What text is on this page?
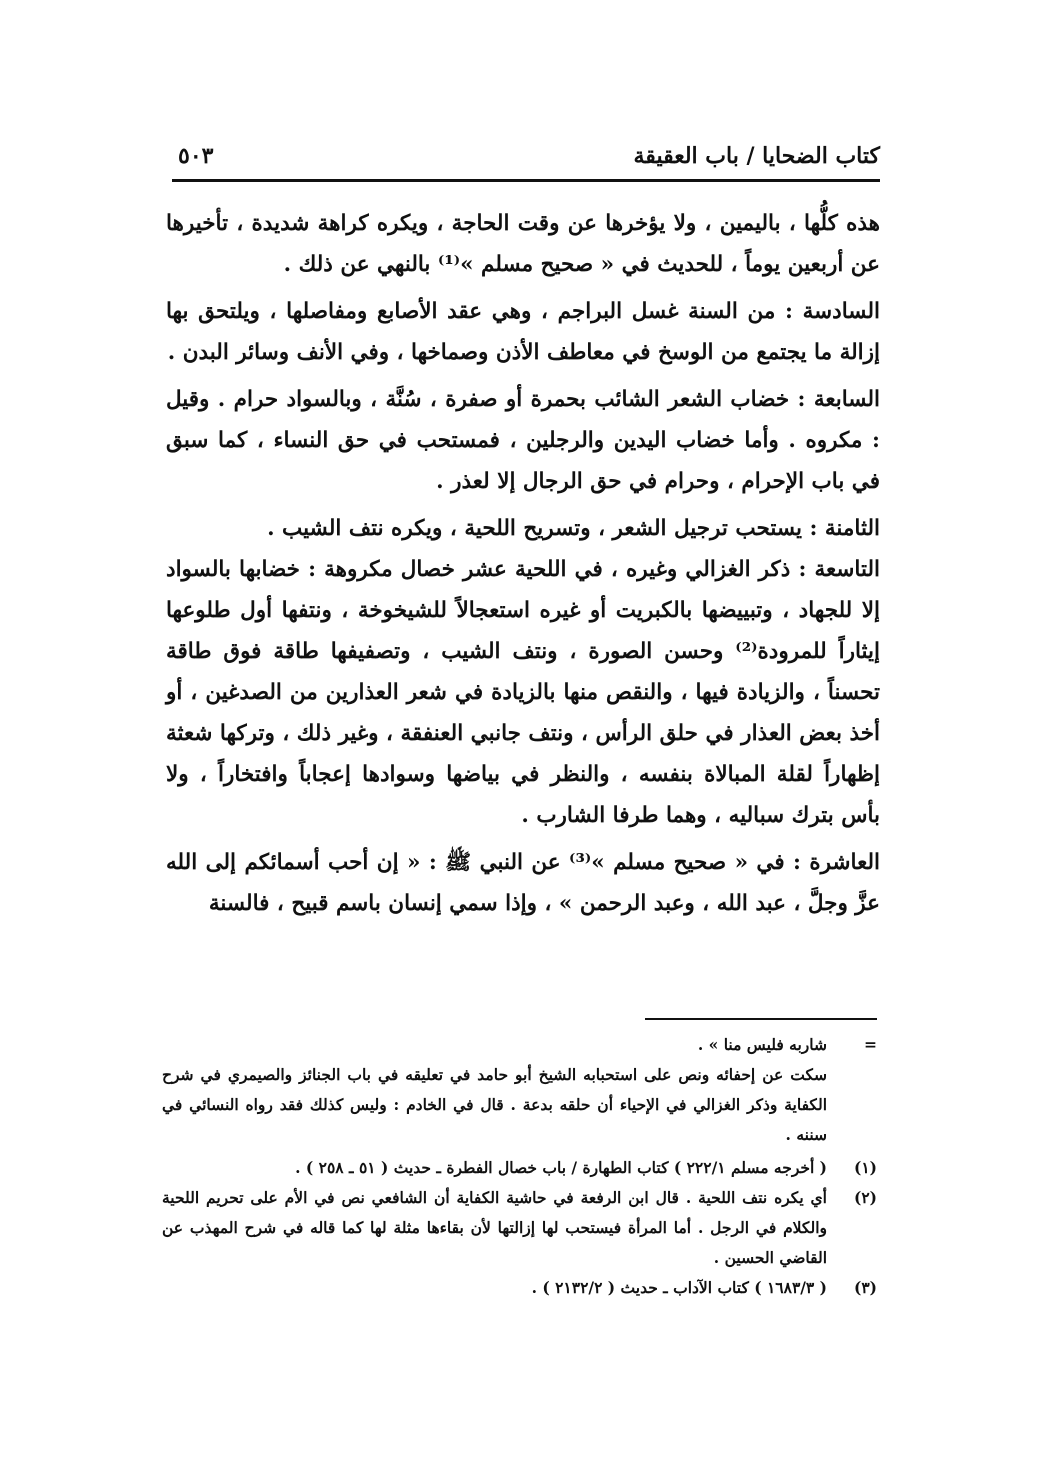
كتاب الضحايا / باب العقيقة
٥٠٣

هذه كلُّها ، باليمين ، ولا يؤخرها عن وقت الحاجة ، ويكره كراهة شديدة ، تأخيرها عن أربعين يوماً ، للحديث في « صحيح مسلم »⁽¹⁾ بالنهي عن ذلك .

السادسة : من السنة غسل البراجم ، وهي عقد الأصابع ومفاصلها ، ويلتحق بها إزالة ما يجتمع من الوسخ في معاطف الأذن وصماخها ، وفي الأنف وسائر البدن .

السابعة : خضاب الشعر الشائب بحمرة أو صفرة ، سُنَّة ، وبالسواد حرام . وقيل : مكروه . وأما خضاب اليدين والرجلين ، فمستحب في حق النساء ، كما سبق في باب الإحرام ، وحرام في حق الرجال إلا لعذر .

الثامنة : يستحب ترجيل الشعر ، وتسريح اللحية ، ويكره نتف الشيب .

التاسعة : ذكر الغزالي وغيره ، في اللحية عشر خصال مكروهة : خضابها بالسواد إلا للجهاد ، وتبييضها بالكبريت أو غيره استعجالاً للشيخوخة ، ونتفها أول طلوعها إيثاراً للمرودة⁽²⁾ وحسن الصورة ، ونتف الشيب ، وتصفيفها طاقة فوق طاقة تحسناً ، والزيادة فيها ، والنقص منها بالزيادة في شعر العذارين من الصدغين ، أو أخذ بعض العذار في حلق الرأس ، ونتف جانبي العنفقة ، وغير ذلك ، وتركها شعثة إظهاراً لقلة المبالاة بنفسه ، والنظر في بياضها وسوادها إعجاباً وافتخاراً ، ولا بأس بترك سباليه ، وهما طرفا الشارب .

العاشرة : في « صحيح مسلم »⁽³⁾ عن النبي ﷺ : « إن أحب أسمائكم إلى الله عزَّ وجلَّ ، عبد الله ، وعبد الرحمن » ، وإذا سمي إنسان باسم قبيح ، فالسنة

=
شاربه فليس منا » .
سكت عن إحفائه ونص على استحبابه الشيخ أبو حامد في تعليقه في باب الجنائز والصيمري في شرح الكفاية وذكر الغزالي في الإحياء أن حلقه بدعة . قال في الخادم : وليس كذلك فقد رواه النسائي في سننه .
(١)
( أخرجه مسلم ٢٢٢/١ ) كتاب الطهارة / باب خصال الفطرة ـ حديث ( ٥١ ـ ٢٥٨ ) .
(٢)
أي يكره نتف اللحية . قال ابن الرفعة في حاشية الكفاية أن الشافعي نص في الأم على تحريم اللحية والكلام في الرجل . أما المرأة فيستحب لها إزالتها لأن بقاءها مثلة لها كما قاله في شرح المهذب عن القاضي الحسين .
(٣)
( ١٦٨٣/٣ ) كتاب الآداب ـ حديث ( ٢١٣٢/٢ ) .
